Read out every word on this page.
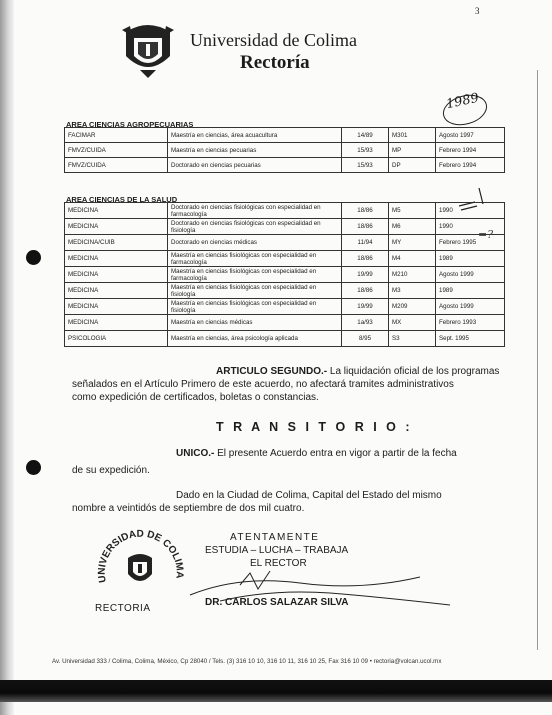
3
Universidad de Colima
Rectoría
1989
AREA CIENCIAS AGROPECUARIAS
FACIMAR	Maestría en ciencias, área acuacultura	14/89	M301	Agosto 1997
FMVZ/CUIDA	Maestría en ciencias pecuarias	15/93	MP	Febrero 1994
FMVZ/CUIDA	Doctorado en ciencias pecuarias	15/93	DP	Febrero 1994
AREA CIENCIAS DE LA SALUD
MEDICINA	Doctorado en ciencias fisiológicas con especialidad en farmacología	18/86	M5	1990
MEDICINA	Doctorado en ciencias fisiológicas con especialidad en fisiología	18/86	M6	1990
MEDICINA/CUIB	Doctorado en ciencias médicas	11/94	MY	Febrero 1995
MEDICINA	Maestría en ciencias fisiológicas con especialidad en farmacología	18/86	M4	1989
MEDICINA	Maestría en ciencias fisiológicas con especialidad en farmacología	19/99	M210	Agosto 1999
MEDICINA	Maestría en ciencias fisiológicas con especialidad en fisiología	18/86	M3	1989
MEDICINA	Maestría en ciencias fisiológicas con especialidad en fisiología	19/99	M209	Agosto 1999
MEDICINA	Maestría en ciencias médicas	1a/93	MX	Febrero 1993
PSICOLOGIA	Maestría en ciencias, área psicología aplicada	8/95	S3	Sept. 1995
=?
ARTICULO SEGUNDO.- La liquidación oficial de los programas
señalados en el Artículo Primero de este acuerdo, no afectará tramites administrativos
como expedición de certificados, boletas o constancias.
T R A N S I T O R I O :
UNICO.- El presente Acuerdo entra en vigor a partir de la fecha
de su expedición.
Dado en la Ciudad de Colima, Capital del Estado del mismo
nombre a veintidós de septiembre de dos mil cuatro.
UNIVERSIDAD DE COLIMA
ATENTAMENTE
ESTUDIA – LUCHA – TRABAJA
EL RECTOR
RECTORIA
DR. CARLOS SALAZAR SILVA
Av. Universidad 333 / Colima, Colima, México, Cp 28040 / Tels. (3) 316 10 10, 316 10 11, 316 10 25, Fax 316 10 09 • rectoria@volcan.ucol.mx
